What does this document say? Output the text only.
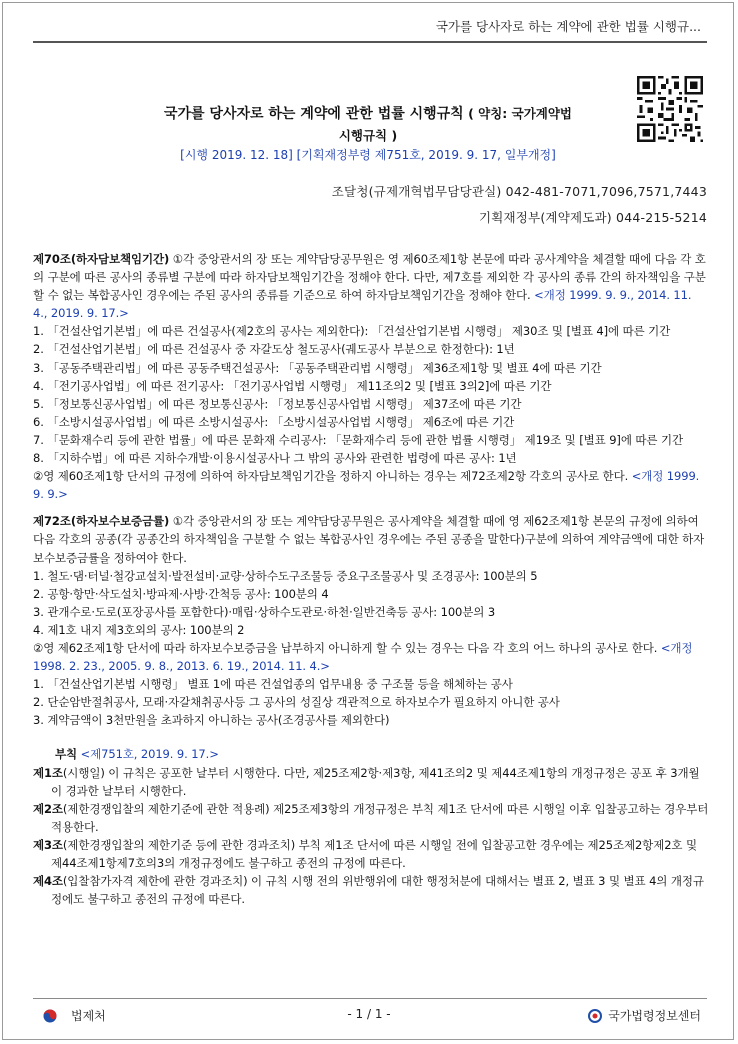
국가를 당사자로 하는 계약에 관한 법률 시행규...
국가를 당사자로 하는 계약에 관한 법률 시행규칙 ( 약칭: 국가계약법
시행규칙 )
[시행 2019. 12. 18] [기획재정부령 제751호, 2019. 9. 17, 일부개정]
조달청(규제개혁법무담당관실) 042-481-7071,7096,7571,7443
기획재정부(계약제도과) 044-215-5214

제70조(하자담보책임기간) ①각 중앙관서의 장 또는 계약담당공무원은 영 제60조제1항 본문에 따라 공사계약을 체결할 때에 다음 각 호의 구분에 따른 공사의 종류별 구분에 따라 하자담보책임기간을 정해야 한다. 다만, 제7호를 제외한 각 공사의 종류 간의 하자책임을 구분할 수 없는 복합공사인 경우에는 주된 공사의 종류를 기준으로 하여 하자담보책임기간을 정해야 한다. <개정 1999. 9. 9., 2014. 11. 4., 2019. 9. 17.>

1. 「건설산업기본법」에 따른 건설공사(제2호의 공사는 제외한다): 「건설산업기본법 시행령」 제30조 및 [별표 4]에 따른 기간

2. 「건설산업기본법」에 따른 건설공사 중 자갈도상 철도공사(궤도공사 부분으로 한정한다): 1년

3. 「공동주택관리법」에 따른 공동주택건설공사: 「공동주택관리법 시행령」 제36조제1항 및 별표 4에 따른 기간

4. 「전기공사업법」에 따른 전기공사: 「전기공사업법 시행령」 제11조의2 및 [별표 3의2]에 따른 기간

5. 「정보통신공사업법」에 따른 정보통신공사: 「정보통신공사업법 시행령」 제37조에 따른 기간

6. 「소방시설공사업법」에 따른 소방시설공사: 「소방시설공사업법 시행령」 제6조에 따른 기간

7. 「문화재수리 등에 관한 법률」에 따른 문화재 수리공사: 「문화재수리 등에 관한 법률 시행령」 제19조 및 [별표 9]에 따른 기간

8. 「지하수법」에 따른 지하수개발·이용시설공사나 그 밖의 공사와 관련한 법령에 따른 공사: 1년

②영 제60조제1항 단서의 규정에 의하여 하자담보책임기간을 정하지 아니하는 경우는 제72조제2항 각호의 공사로 한다. <개정 1999. 9. 9.>

제72조(하자보수보증금률) ①각 중앙관서의 장 또는 계약담당공무원은 공사계약을 체결할 때에 영 제62조제1항 본문의 규정에 의하여 다음 각호의 공종(각 공종간의 하자책임을 구분할 수 없는 복합공사인 경우에는 주된 공종을 말한다)구분에 의하여 계약금액에 대한 하자보수보증금률을 정하여야 한다.

1. 철도·댐·터널·철강교설치·발전설비·교량·상하수도구조물등 중요구조물공사 및 조경공사: 100분의 5

2. 공항·항만·삭도설치·방파제·사방·간척등 공사: 100분의 4

3. 관개수로·도로(포장공사를 포함한다)·매립·상하수도관로·하천·일반건축등 공사: 100분의 3

4. 제1호 내지 제3호외의 공사: 100분의 2

②영 제62조제1항 단서에 따라 하자보수보증금을 납부하지 아니하게 할 수 있는 경우는 다음 각 호의 어느 하나의 공사로 한다. <개정 1998. 2. 23., 2005. 9. 8., 2013. 6. 19., 2014. 11. 4.>

1. 「건설산업기본법 시행령」 별표 1에 따른 건설업종의 업무내용 중 구조물 등을 해체하는 공사

2. 단순암반절취공사, 모래·자갈채취공사등 그 공사의 성질상 객관적으로 하자보수가 필요하지 아니한 공사

3. 계약금액이 3천만원을 초과하지 아니하는 공사(조경공사를 제외한다)

부칙 <제751호, 2019. 9. 17.>

제1조(시행일) 이 규칙은 공포한 날부터 시행한다. 다만, 제25조제2항·제3항, 제41조의2 및 제44조제1항의 개정규정은 공포 후 3개월이 경과한 날부터 시행한다.

제2조(제한경쟁입찰의 제한기준에 관한 적용례) 제25조제3항의 개정규정은 부칙 제1조 단서에 따른 시행일 이후 입찰공고하는 경우부터 적용한다.

제3조(제한경쟁입찰의 제한기준 등에 관한 경과조치) 부칙 제1조 단서에 따른 시행일 전에 입찰공고한 경우에는 제25조제2항제2호 및 제44조제1항제7호의3의 개정규정에도 불구하고 종전의 규정에 따른다.

제4조(입찰참가자격 제한에 관한 경과조치) 이 규칙 시행 전의 위반행위에 대한 행정처분에 대해서는 별표 2, 별표 3 및 별표 4의 개정규정에도 불구하고 종전의 규정에 따른다.

법제처	- 1 / 1 -	국가법령정보센터
